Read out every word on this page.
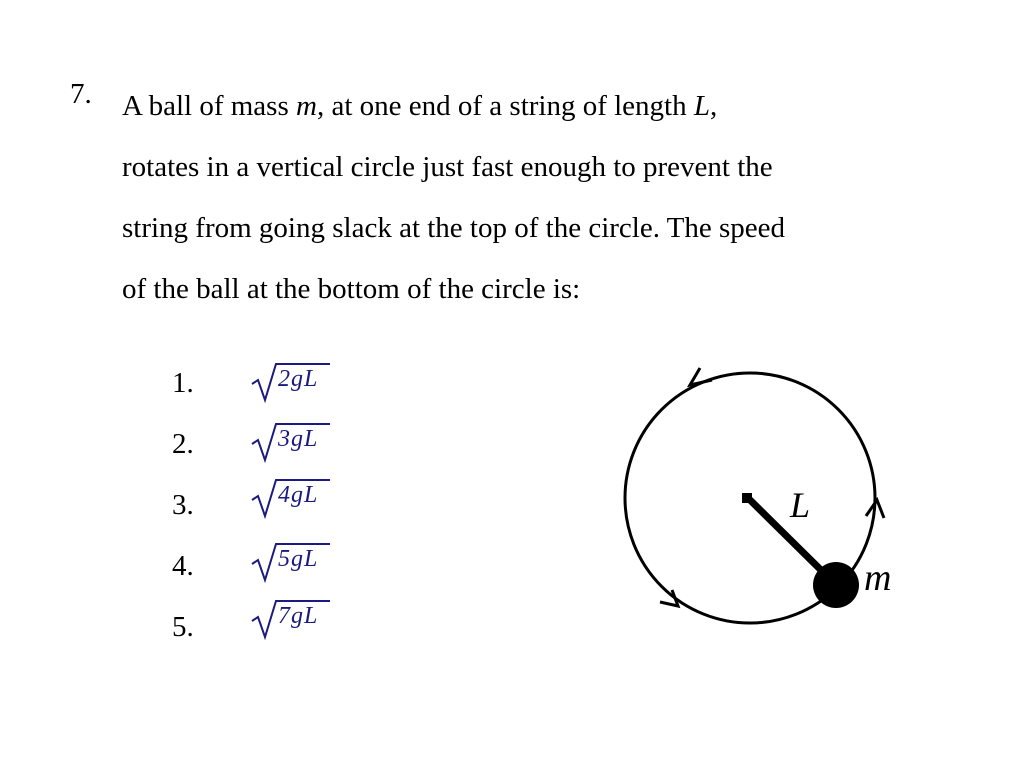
7. A ball of mass m, at one end of a string of length L,
rotates in a vertical circle just fast enough to prevent the
string from going slack at the top of the circle. The speed
of the ball at the bottom of the circle is:
1.	2gL
2.	3gL
3.	4gL
4.	5gL
5.	7gL
L
m
